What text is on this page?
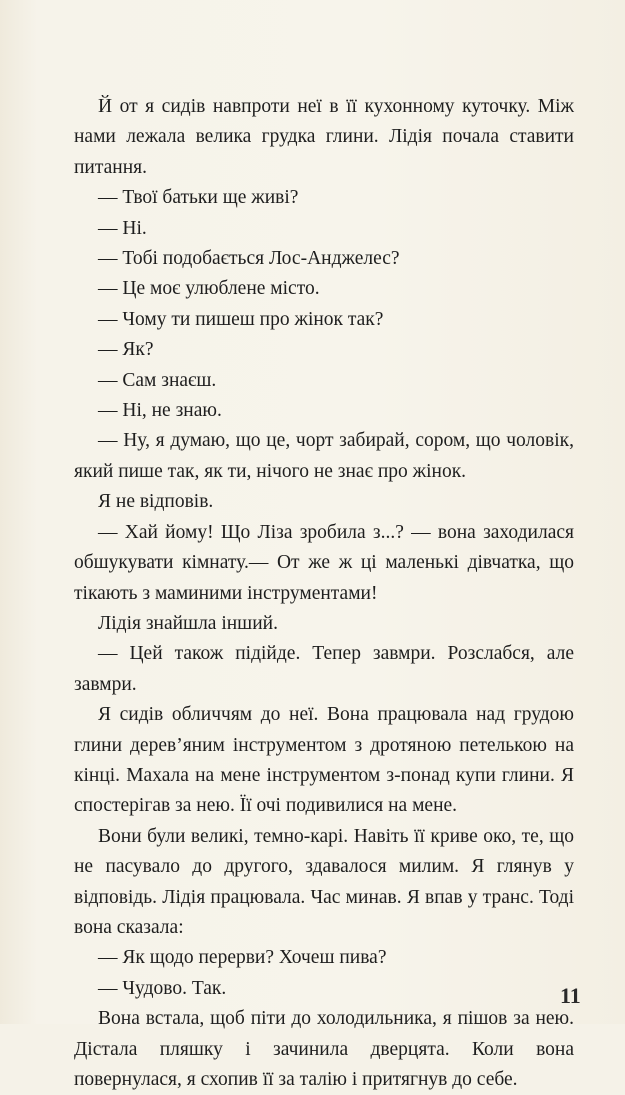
Й от я сидів навпроти неї в її кухонному куточку. Між нами лежала велика грудка глини. Лідія почала ставити питання.

— Твої батьки ще живі?

— Ні.

— Тобі подобається Лос-Анджелес?

— Це моє улюблене місто.

— Чому ти пишеш про жінок так?

— Як?

— Сам знаєш.

— Ні, не знаю.

— Ну, я думаю, що це, чорт забирай, сором, що чоловік, який пише так, як ти, нічого не знає про жінок.

Я не відповів.

— Хай йому! Що Ліза зробила з...? — вона заходилася обшукувати кімнату.— От же ж ці маленькі дівчатка, що тікають з маминими інструментами!

Лідія знайшла інший.

— Цей також підійде. Тепер завмри. Розслабся, але завмри.

Я сидів обличчям до неї. Вона працювала над грудою глини дерев’яним інструментом з дротяною петелькою на кінці. Махала на мене інструментом з-понад купи глини. Я спостерігав за нею. Її очі подивилися на мене.

Вони були великі, темно-карі. Навіть її криве око, те, що не пасувало до другого, здавалося милим. Я глянув у відповідь. Лідія працювала. Час минав. Я впав у транс. Тоді вона сказала:

— Як щодо перерви? Хочеш пива?

— Чудово. Так.

Вона встала, щоб піти до холодильника, я пішов за нею. Дістала пляшку і зачинила дверцята. Коли вона повернулася, я схопив її за талію і притягнув до себе.

11
